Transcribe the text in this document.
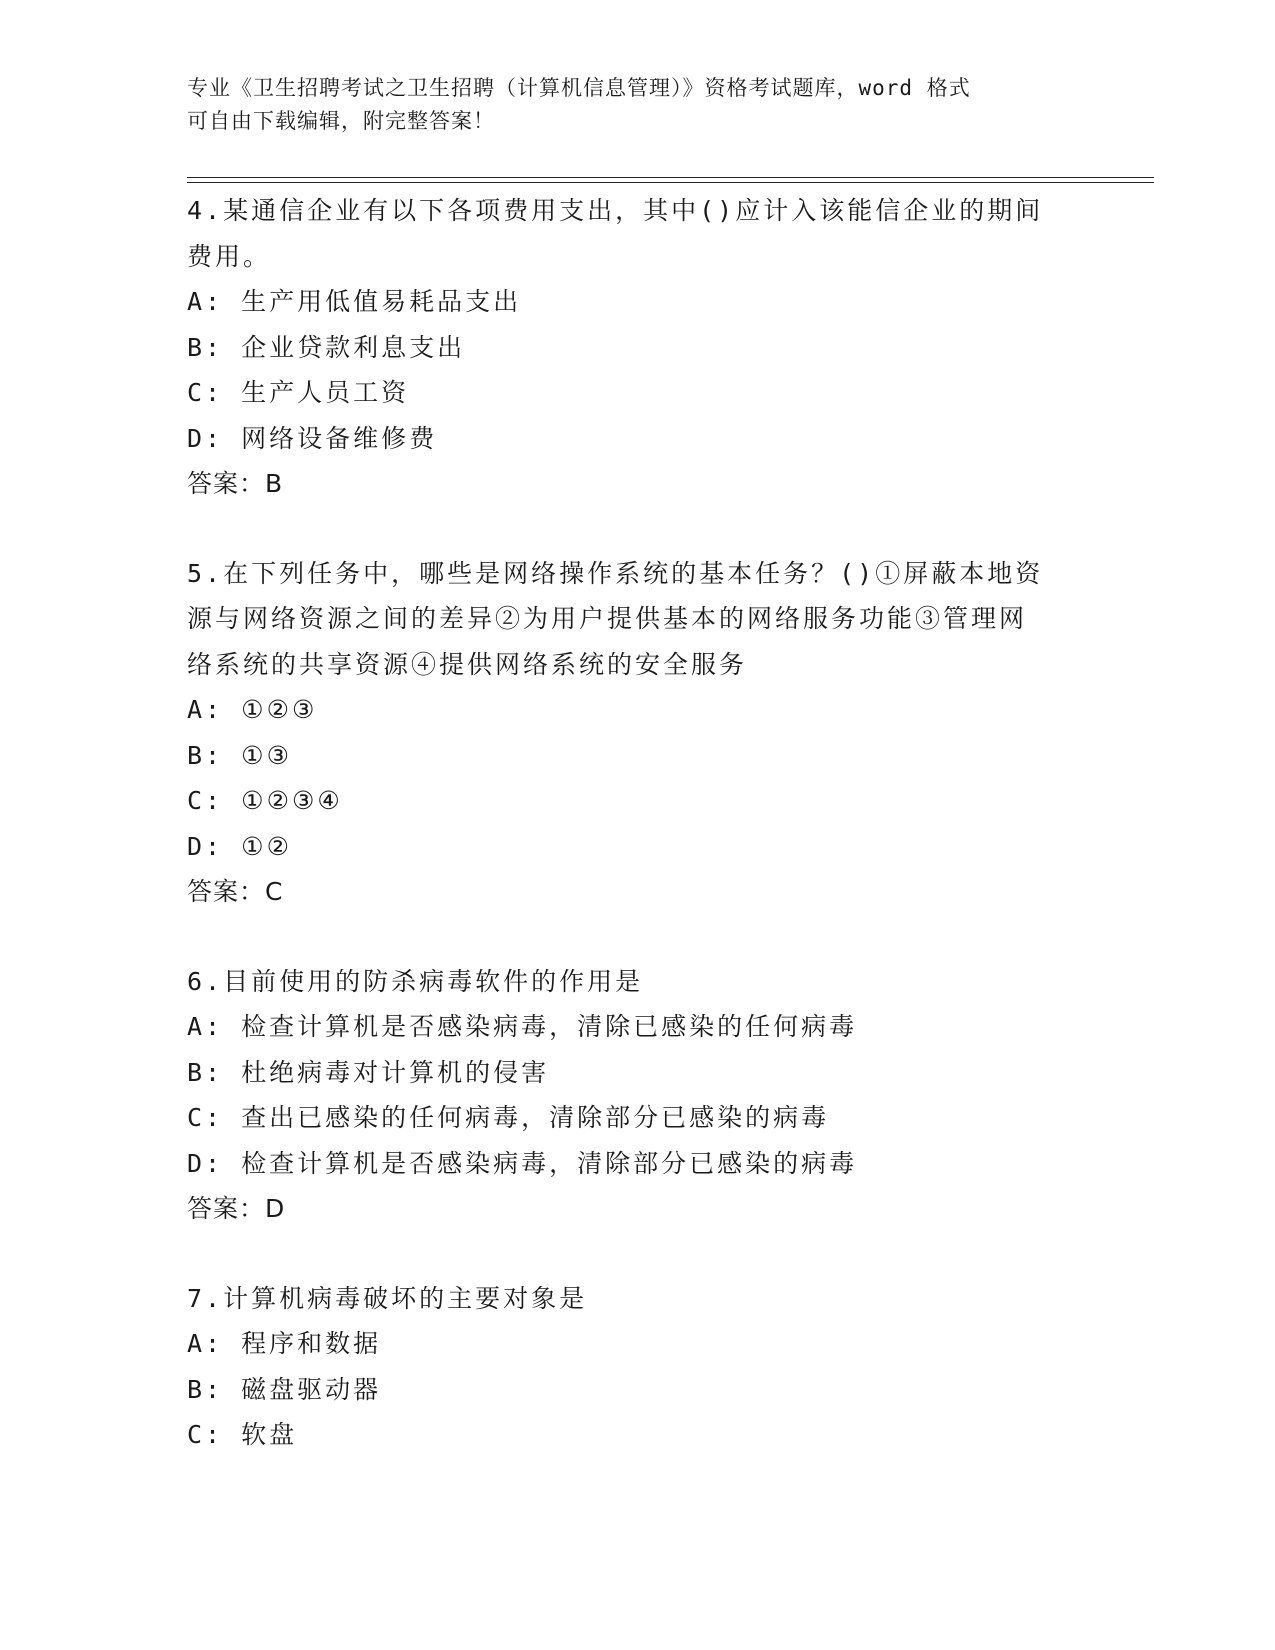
专业《卫生招聘考试之卫生招聘（计算机信息管理）》资格考试题库，word 格式
可自由下载编辑，附完整答案！

4.某通信企业有以下各项费用支出，其中()应计入该能信企业的期间

费用。

A: 生产用低值易耗品支出

B: 企业贷款利息支出

C: 生产人员工资

D: 网络设备维修费

答案：B

5.在下列任务中，哪些是网络操作系统的基本任务？()①屏蔽本地资

源与网络资源之间的差异②为用户提供基本的网络服务功能③管理网

络系统的共享资源④提供网络系统的安全服务

A: ①②③

B: ①③

C: ①②③④

D: ①②

答案：C

6.目前使用的防杀病毒软件的作用是

A: 检查计算机是否感染病毒，清除已感染的任何病毒

B: 杜绝病毒对计算机的侵害

C: 查出已感染的任何病毒，清除部分已感染的病毒

D: 检查计算机是否感染病毒，清除部分已感染的病毒

答案：D

7.计算机病毒破坏的主要对象是

A: 程序和数据

B: 磁盘驱动器

C: 软盘
